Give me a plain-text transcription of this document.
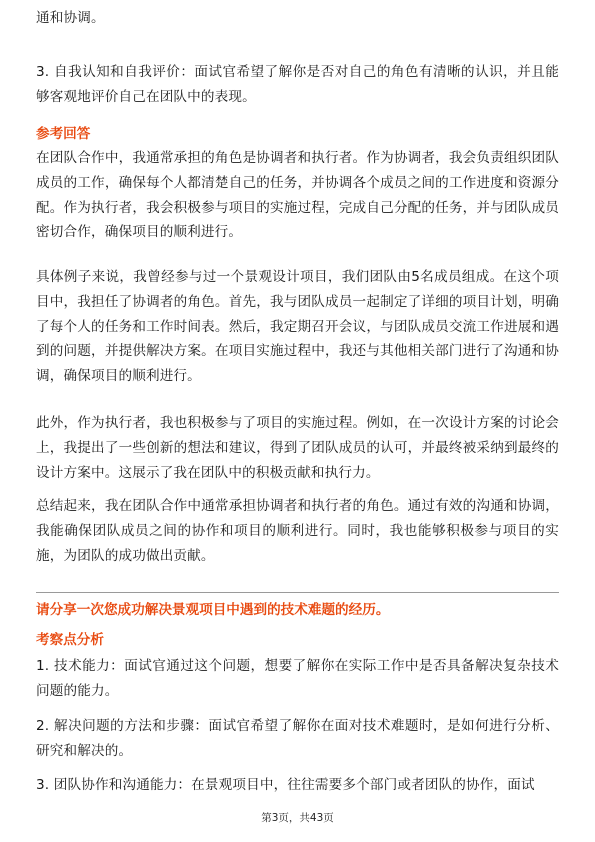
通和协调。

3. 自我认知和自我评价：面试官希望了解你是否对自己的角色有清晰的认识，并且能够客观地评价自己在团队中的表现。

参考回答

在团队合作中，我通常承担的角色是协调者和执行者。作为协调者，我会负责组织团队成员的工作，确保每个人都清楚自己的任务，并协调各个成员之间的工作进度和资源分配。作为执行者，我会积极参与项目的实施过程，完成自己分配的任务，并与团队成员密切合作，确保项目的顺利进行。

具体例子来说，我曾经参与过一个景观设计项目，我们团队由5名成员组成。在这个项目中，我担任了协调者的角色。首先，我与团队成员一起制定了详细的项目计划，明确了每个人的任务和工作时间表。然后，我定期召开会议，与团队成员交流工作进展和遇到的问题，并提供解决方案。在项目实施过程中，我还与其他相关部门进行了沟通和协调，确保项目的顺利进行。

此外，作为执行者，我也积极参与了项目的实施过程。例如，在一次设计方案的讨论会上，我提出了一些创新的想法和建议，得到了团队成员的认可，并最终被采纳到最终的设计方案中。这展示了我在团队中的积极贡献和执行力。

总结起来，我在团队合作中通常承担协调者和执行者的角色。通过有效的沟通和协调，我能确保团队成员之间的协作和项目的顺利进行。同时，我也能够积极参与项目的实施，为团队的成功做出贡献。

请分享一次您成功解决景观项目中遇到的技术难题的经历。
考察点分析

1. 技术能力：面试官通过这个问题，想要了解你在实际工作中是否具备解决复杂技术问题的能力。

2. 解决问题的方法和步骤：面试官希望了解你在面对技术难题时，是如何进行分析、研究和解决的。

3. 团队协作和沟通能力：在景观项目中，往往需要多个部门或者团队的协作，面试

第3页，共43页
